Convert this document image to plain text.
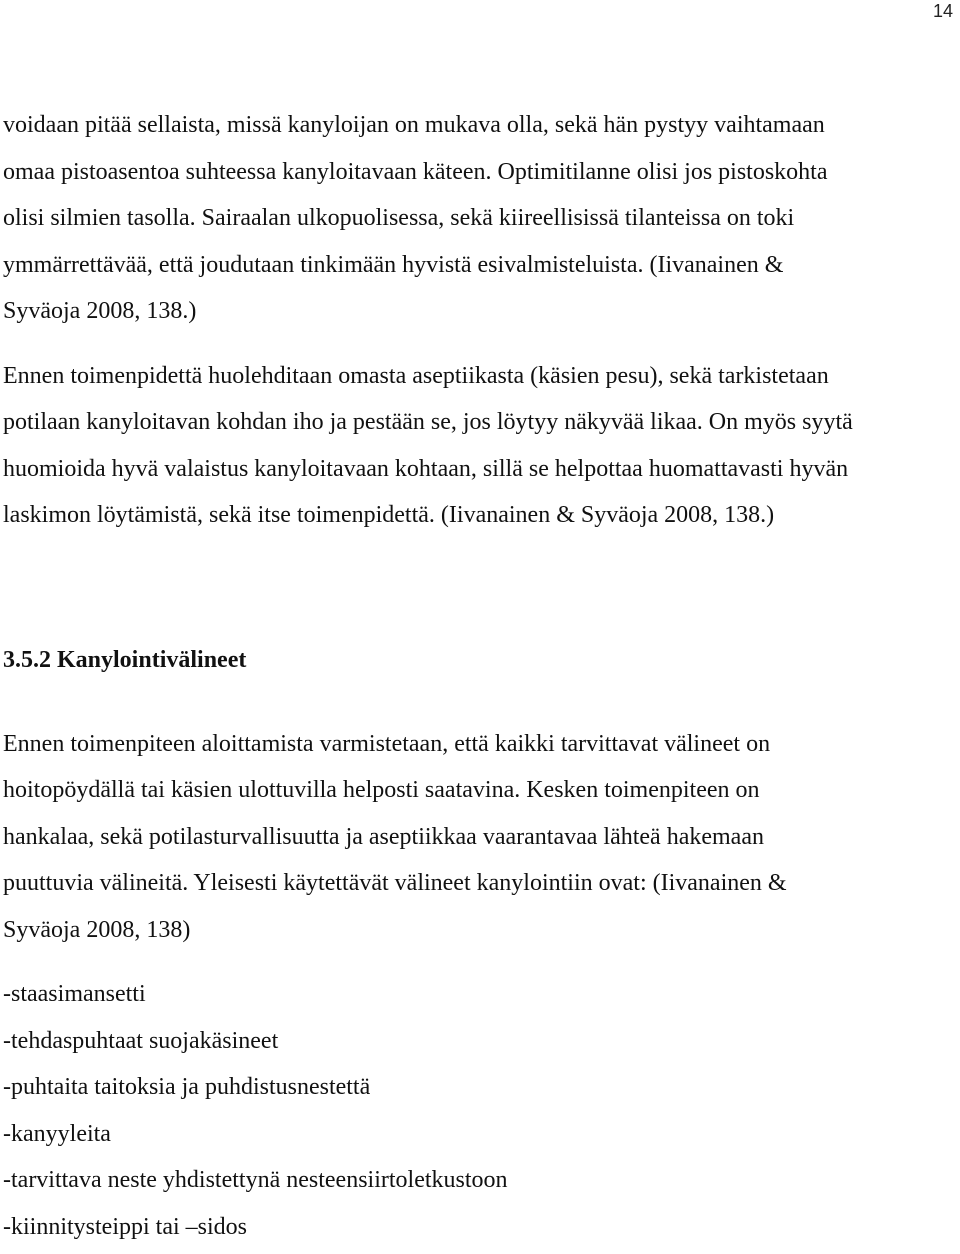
14

voidaan pitää sellaista, missä kanyloijan on mukava olla, sekä hän pystyy vaihtamaan
omaa pistoasentoa suhteessa kanyloitavaan käteen. Optimitilanne olisi jos pistoskohta
olisi silmien tasolla. Sairaalan ulkopuolisessa, sekä kiireellisissä tilanteissa on toki
ymmärrettävää, että joudutaan tinkimään hyvistä esivalmisteluista. (Iivanainen &
Syväoja 2008, 138.)

Ennen toimenpidettä huolehditaan omasta aseptiikasta (käsien pesu), sekä tarkistetaan
potilaan kanyloitavan kohdan iho ja pestään se, jos löytyy näkyvää likaa. On myös syytä
huomioida hyvä valaistus kanyloitavaan kohtaan, sillä se helpottaa huomattavasti hyvän
laskimon löytämistä, sekä itse toimenpidettä. (Iivanainen & Syväoja 2008, 138.)

3.5.2 Kanylointivälineet

Ennen toimenpiteen aloittamista varmistetaan, että kaikki tarvittavat välineet on
hoitopöydällä tai käsien ulottuvilla helposti saatavina. Kesken toimenpiteen on
hankalaa, sekä potilasturvallisuutta ja aseptiikkaa vaarantavaa lähteä hakemaan
puuttuvia välineitä. Yleisesti käytettävät välineet kanylointiin ovat: (Iivanainen &
Syväoja 2008, 138)

-staasimansetti
-tehdaspuhtaat suojakäsineet
-puhtaita taitoksia ja puhdistusnestettä
-kanyyleita
-tarvittava neste yhdistettynä nesteensiirtoletkustoon
-kiinnitysteippi tai –sidos
